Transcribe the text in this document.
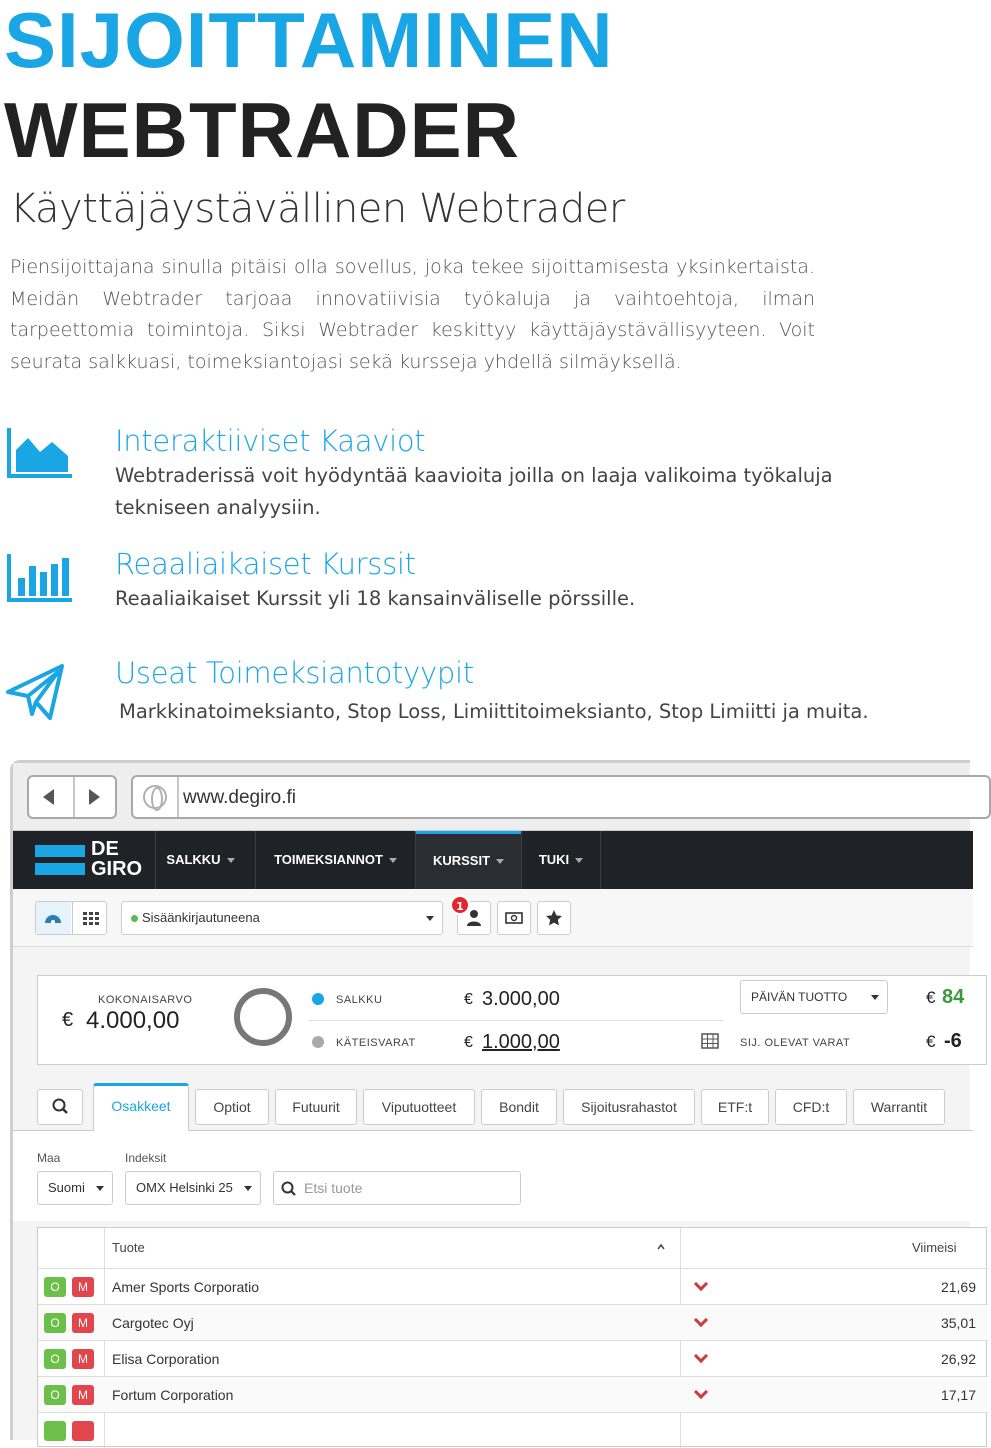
SIJOITTAMINEN
WEBTRADER
Käyttäjäystävällinen Webtrader

Piensijoittajana sinulla pitäisi olla sovellus, joka tekee sijoittamisesta yksinkertaista. Meidän Webtrader tarjoaa innovatiivisia työkaluja ja vaihtoehtoja, ilman tarpeettomia toimintoja. Siksi Webtrader keskittyy käyttäjäystävällisyyteen. Voit seurata salkkuasi, toimeksiantojasi sekä kursseja yhdellä silmäyksellä.

Interaktiiviset Kaaviot

Webtraderissä voit hyödyntää kaavioita joilla on laaja valikoima työkaluja tekniseen analyysiin.

Reaaliaikaiset Kurssit

Reaaliaikaiset Kurssit yli 18 kansainväliselle pörssille.

Useat Toimeksiantotyypit

Markkinatoimeksianto, Stop Loss, Limiittitoimeksianto, Stop Limiitti ja muita.

www.degiro.fi
DE
GIRO	SALKKU	TOIMEKSIANNOT	KURSSIT	TUKI
Sisäänkirjautuneena
1
KOKONAISARVO
€ 4.000,00
SALKKU	€ 3.000,00
KÄTEISVARAT	€ 1.000,00
PÄIVÄN TUOTTO	€ 84
SIJ. OLEVAT VARAT	€ -6
Osakkeet	Optiot	Futuurit	Viputuotteet	Bondit	Sijoitusrahastot	ETF:t	CFD:t	Warrantit
Maa
Suomi
Indeksit
OMX Helsinki 25	Etsi tuote
Tuote	Viimeisi
O	M	Amer Sports Corporatio	21,69
O	M	Cargotec Oyj	35,01
O	M	Elisa Corporation	26,92
O	M	Fortum Corporation	17,17
